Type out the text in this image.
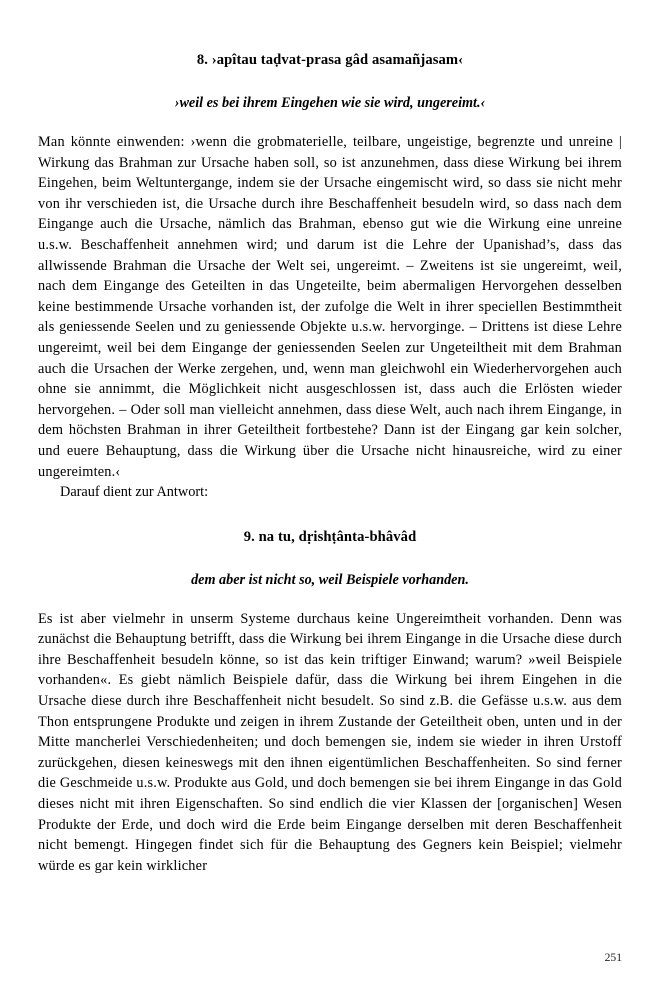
8. ›apîtau taḍvat-prasa gâd asamañjasam‹
›weil es bei ihrem Eingehen wie sie wird, ungereimt.‹

Man könnte einwenden: ›wenn die grobmaterielle, teilbare, ungeistige, begrenzte und unreine | Wirkung das Brahman zur Ursache haben soll, so ist anzunehmen, dass diese Wirkung bei ihrem Eingehen, beim Weltuntergange, indem sie der Ursache eingemischt wird, so dass sie nicht mehr von ihr verschieden ist, die Ursache durch ihre Beschaffenheit besudeln wird, so dass nach dem Eingange auch die Ursache, nämlich das Brahman, ebenso gut wie die Wirkung eine unreine u.s.w. Beschaffenheit annehmen wird; und darum ist die Lehre der Upanishad’s, dass das allwissende Brahman die Ursache der Welt sei, ungereimt. – Zweitens ist sie ungereimt, weil, nach dem Eingange des Geteilten in das Ungeteilte, beim abermaligen Hervorgehen desselben keine bestimmende Ursache vorhanden ist, der zufolge die Welt in ihrer speciellen Bestimmtheit als geniessende Seelen und zu geniessende Objekte u.s.w. hervorginge. – Drittens ist diese Lehre ungereimt, weil bei dem Eingange der geniessenden Seelen zur Ungeteiltheit mit dem Brahman auch die Ursachen der Werke zergehen, und, wenn man gleichwohl ein Wiederhervorgehen auch ohne sie annimmt, die Möglichkeit nicht ausgeschlossen ist, dass auch die Erlösten wieder hervorgehen. – Oder soll man vielleicht annehmen, dass diese Welt, auch nach ihrem Eingange, in dem höchsten Brahman in ihrer Geteiltheit fortbestehe? Dann ist der Eingang gar kein solcher, und euere Behauptung, dass die Wirkung über die Ursache nicht hinausreiche, wird zu einer ungereimten.‹

Darauf dient zur Antwort:

9. na tu, dṛishṭânta-bhâvâd
dem aber ist nicht so, weil Beispiele vorhanden.

Es ist aber vielmehr in unserm Systeme durchaus keine Ungereimtheit vorhanden. Denn was zunächst die Behauptung betrifft, dass die Wirkung bei ihrem Eingange in die Ursache diese durch ihre Beschaffenheit besudeln könne, so ist das kein triftiger Einwand; warum? »weil Beispiele vorhanden«. Es giebt nämlich Beispiele dafür, dass die Wirkung bei ihrem Eingehen in die Ursache diese durch ihre Beschaffenheit nicht besudelt. So sind z.B. die Gefässe u.s.w. aus dem Thon entsprungene Produkte und zeigen in ihrem Zustande der Geteiltheit oben, unten und in der Mitte mancherlei Verschiedenheiten; und doch bemengen sie, indem sie wieder in ihren Urstoff zurückgehen, diesen keineswegs mit den ihnen eigentümlichen Beschaffenheiten. So sind ferner die Geschmeide u.s.w. Produkte aus Gold, und doch bemengen sie bei ihrem Eingange in das Gold dieses nicht mit ihren Eigenschaften. So sind endlich die vier Klassen der [organischen] Wesen Produkte der Erde, und doch wird die Erde beim Eingange derselben mit deren Beschaffenheit nicht bemengt. Hingegen findet sich für die Behauptung des Gegners kein Beispiel; vielmehr würde es gar kein wirklicher

251
